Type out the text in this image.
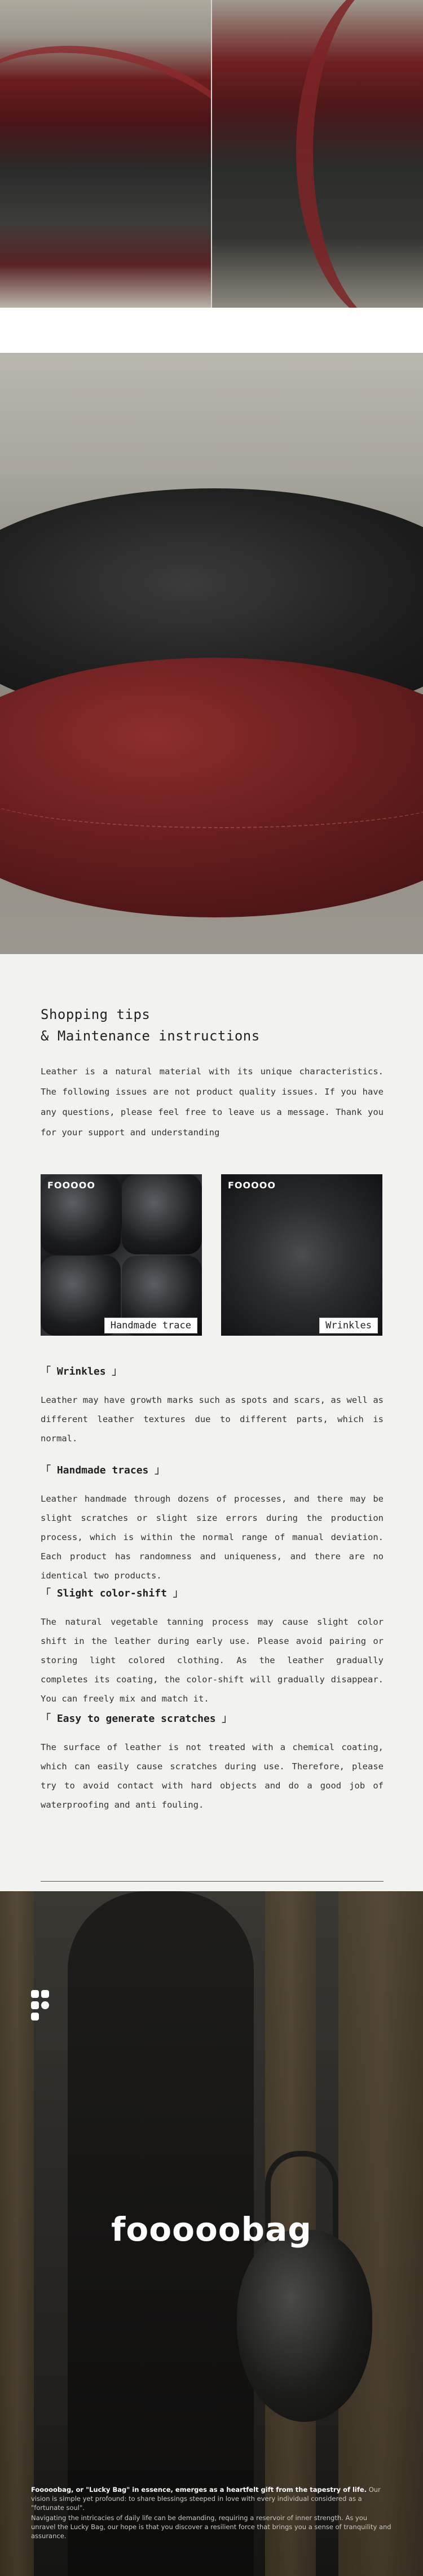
Shopping tips
& Maintenance instructions

Leather is a natural material with its unique characteristics. The following issues are not product quality issues. If you have any questions, please feel free to leave us a message. Thank you for your support and understanding

FOOOOO
Handmade trace
FOOOOO
Wrinkles

「 Wrinkles 」

Leather may have growth marks such as spots and scars, as well as different leather textures due to different parts, which is normal.

「 Handmade traces 」

Leather handmade through dozens of processes, and there may be slight scratches or slight size errors during the production process, which is within the normal range of manual deviation. Each product has randomness and uniqueness, and there are no identical two products.

「 Slight color-shift 」

The natural vegetable tanning process may cause slight color shift in the leather during early use. Please avoid pairing or storing light colored clothing. As the leather gradually completes its coating, the color-shift will gradually disappear. You can freely mix and match it.

「 Easy to generate scratches 」

The surface of leather is not treated with a chemical coating, which can easily cause scratches during use. Therefore, please try to avoid contact with hard objects and do a good job of waterproofing and anti fouling.

fooooobag

Fooooobag, or "Lucky Bag" in essence, emerges as a heartfelt gift from the tapestry of life. Our vision is simple yet profound: to share blessings steeped in love with every individual considered as a "fortunate soul".

Navigating the intricacies of daily life can be demanding, requiring a reservoir of inner strength. As you unravel the Lucky Bag, our hope is that you discover a resilient force that brings you a sense of tranquility and assurance.
